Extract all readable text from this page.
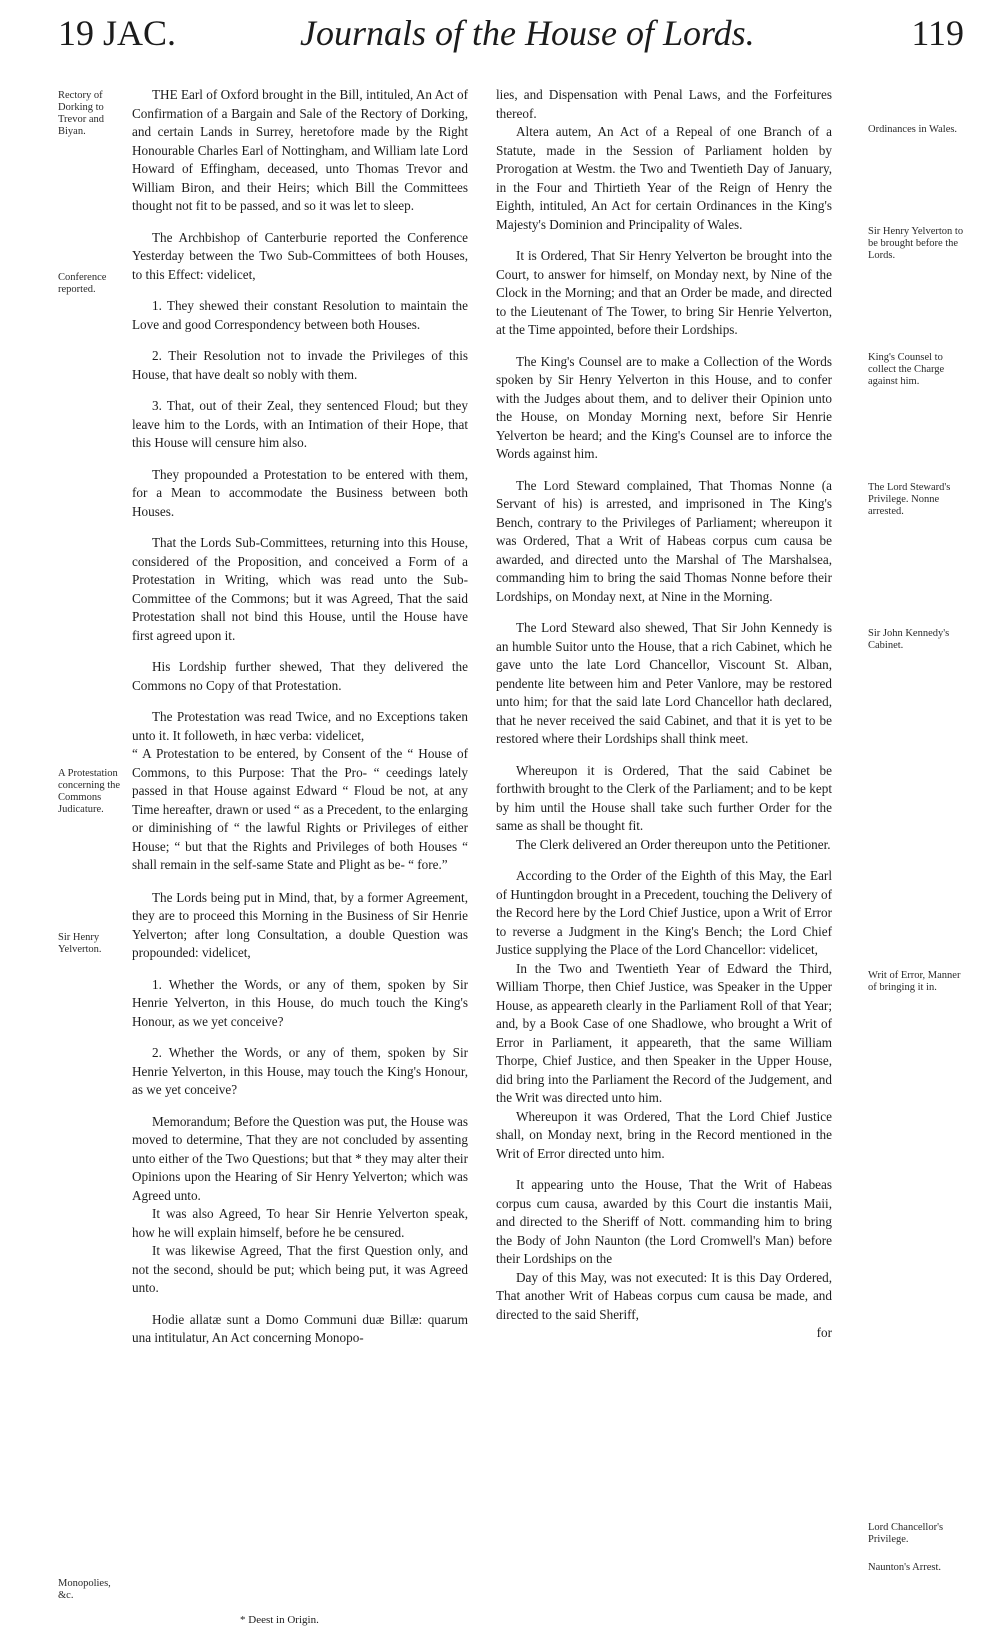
19 JAC.	Journals of the House of Lords.	119
Rectory of Dorking to Trevor and Biyan.
Conference reported.
A Protestation concerning the Commons Judicature.
Sir Henry Yelverton.
Monopolies, &c.
Ordinances in Wales.
Sir Henry Yelverton to be brought before the Lords.
King's Counsel to collect the Charge against him.
The Lord Steward's Privilege. Nonne arrested.
Sir John Kennedy's Cabinet.
Writ of Error, Manner of bringing it in.
Lord Chancellor's Privilege.
Naunton's Arrest.

THE Earl of Oxford brought in the Bill, intituled, An Act of Confirmation of a Bargain and Sale of the Rectory of Dorking, and certain Lands in Surrey, heretofore made by the Right Honourable Charles Earl of Nottingham, and William late Lord Howard of Effingham, deceased, unto Thomas Trevor and William Biron, and their Heirs; which Bill the Committees thought not fit to be passed, and so it was let to sleep.

The Archbishop of Canterburie reported the Conference Yesterday between the Two Sub-Committees of both Houses, to this Effect: videlicet,

1. They shewed their constant Resolution to maintain the Love and good Correspondency between both Houses.

2. Their Resolution not to invade the Privileges of this House, that have dealt so nobly with them.

3. That, out of their Zeal, they sentenced Floud; but they leave him to the Lords, with an Intimation of their Hope, that this House will censure him also.

They propounded a Protestation to be entered with them, for a Mean to accommodate the Business between both Houses.

That the Lords Sub-Committees, returning into this House, considered of the Proposition, and conceived a Form of a Protestation in Writing, which was read unto the Sub-Committee of the Commons; but it was Agreed, That the said Protestation shall not bind this House, until the House have first agreed upon it.

His Lordship further shewed, That they delivered the Commons no Copy of that Protestation.

The Protestation was read Twice, and no Exceptions taken unto it. It followeth, in hæc verba: videlicet,

“ A Protestation to be entered, by Consent of the “ House of Commons, to this Purpose: That the Pro- “ ceedings lately passed in that House against Edward “ Floud be not, at any Time hereafter, drawn or used “ as a Precedent, to the enlarging or diminishing of “ the lawful Rights or Privileges of either House; “ but that the Rights and Privileges of both Houses “ shall remain in the self-same State and Plight as be- “ fore.”

The Lords being put in Mind, that, by a former Agreement, they are to proceed this Morning in the Business of Sir Henrie Yelverton; after long Consultation, a double Question was propounded: videlicet,

1. Whether the Words, or any of them, spoken by Sir Henrie Yelverton, in this House, do much touch the King's Honour, as we yet conceive?

2. Whether the Words, or any of them, spoken by Sir Henrie Yelverton, in this House, may touch the King's Honour, as we yet conceive?

Memorandum; Before the Question was put, the House was moved to determine, That they are not concluded by assenting unto either of the Two Questions; but that * they may alter their Opinions upon the Hearing of Sir Henry Yelverton; which was Agreed unto.

It was also Agreed, To hear Sir Henrie Yelverton speak, how he will explain himself, before he be censured.

It was likewise Agreed, That the first Question only, and not the second, should be put; which being put, it was Agreed unto.

Hodie allatæ sunt a Domo Communi duæ Billæ: quarum una intitulatur, An Act concerning Monopo-

lies, and Dispensation with Penal Laws, and the Forfeitures thereof.

Altera autem, An Act of a Repeal of one Branch of a Statute, made in the Session of Parliament holden by Prorogation at Westm. the Two and Twentieth Day of January, in the Four and Thirtieth Year of the Reign of Henry the Eighth, intituled, An Act for certain Ordinances in the King's Majesty's Dominion and Principality of Wales.

It is Ordered, That Sir Henry Yelverton be brought into the Court, to answer for himself, on Monday next, by Nine of the Clock in the Morning; and that an Order be made, and directed to the Lieutenant of The Tower, to bring Sir Henrie Yelverton, at the Time appointed, before their Lordships.

The King's Counsel are to make a Collection of the Words spoken by Sir Henry Yelverton in this House, and to confer with the Judges about them, and to deliver their Opinion unto the House, on Monday Morning next, before Sir Henrie Yelverton be heard; and the King's Counsel are to inforce the Words against him.

The Lord Steward complained, That Thomas Nonne (a Servant of his) is arrested, and imprisoned in The King's Bench, contrary to the Privileges of Parliament; whereupon it was Ordered, That a Writ of Habeas corpus cum causa be awarded, and directed unto the Marshal of The Marshalsea, commanding him to bring the said Thomas Nonne before their Lordships, on Monday next, at Nine in the Morning.

The Lord Steward also shewed, That Sir John Kennedy is an humble Suitor unto the House, that a rich Cabinet, which he gave unto the late Lord Chancellor, Viscount St. Alban, pendente lite between him and Peter Vanlore, may be restored unto him; for that the said late Lord Chancellor hath declared, that he never received the said Cabinet, and that it is yet to be restored where their Lordships shall think meet.

Whereupon it is Ordered, That the said Cabinet be forthwith brought to the Clerk of the Parliament; and to be kept by him until the House shall take such further Order for the same as shall be thought fit.

The Clerk delivered an Order thereupon unto the Petitioner.

According to the Order of the Eighth of this May, the Earl of Huntingdon brought in a Precedent, touching the Delivery of the Record here by the Lord Chief Justice, upon a Writ of Error to reverse a Judgment in the King's Bench; the Lord Chief Justice supplying the Place of the Lord Chancellor: videlicet,

In the Two and Twentieth Year of Edward the Third, William Thorpe, then Chief Justice, was Speaker in the Upper House, as appeareth clearly in the Parliament Roll of that Year; and, by a Book Case of one Shadlowe, who brought a Writ of Error in Parliament, it appeareth, that the same William Thorpe, Chief Justice, and then Speaker in the Upper House, did bring into the Parliament the Record of the Judgement, and the Writ was directed unto him.

Whereupon it was Ordered, That the Lord Chief Justice shall, on Monday next, bring in the Record mentioned in the Writ of Error directed unto him.

It appearing unto the House, That the Writ of Habeas corpus cum causa, awarded by this Court die instantis Maii, and directed to the Sheriff of Nott. commanding him to bring the Body of John Naunton (the Lord Cromwell's Man) before their Lordships on the

Day of this May, was not executed: It is this Day Ordered, That another Writ of Habeas corpus cum causa be made, and directed to the said Sheriff,

for

* Deest in Origin.
